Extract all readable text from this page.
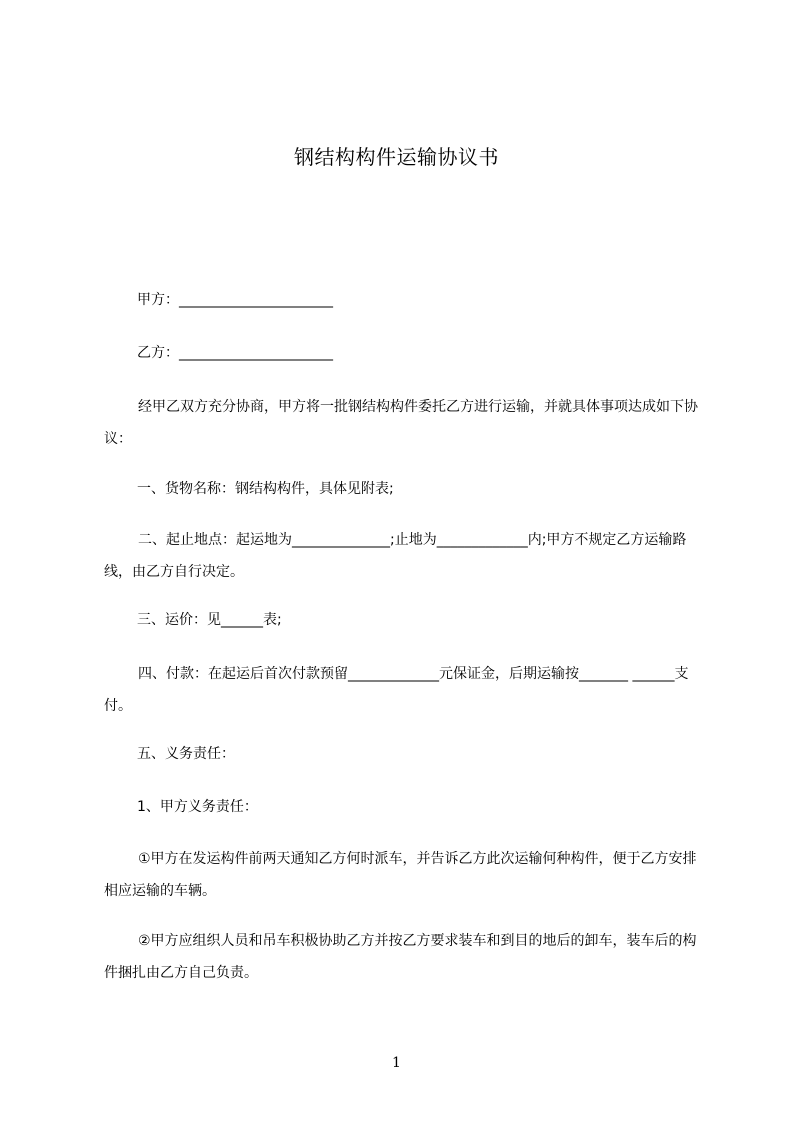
钢结构构件运输协议书
甲方：______________________
乙方：______________________
经甲乙双方充分协商，甲方将一批钢结构构件委托乙方进行运输，并就具体事项达成如下协议：
一、货物名称：钢结构构件，具体见附表;
二、起止地点：起运地为______________;止地为_____________内;甲方不规定乙方运输路线，由乙方自行决定。
三、运价：见______表;
四、付款：在起运后首次付款预留_____________元保证金，后期运输按_______ ______支付。
五、义务责任：
1、甲方义务责任：
①甲方在发运构件前两天通知乙方何时派车，并告诉乙方此次运输何种构件，便于乙方安排相应运输的车辆。
②甲方应组织人员和吊车积极协助乙方并按乙方要求装车和到目的地后的卸车，装车后的构件捆扎由乙方自己负责。
1
